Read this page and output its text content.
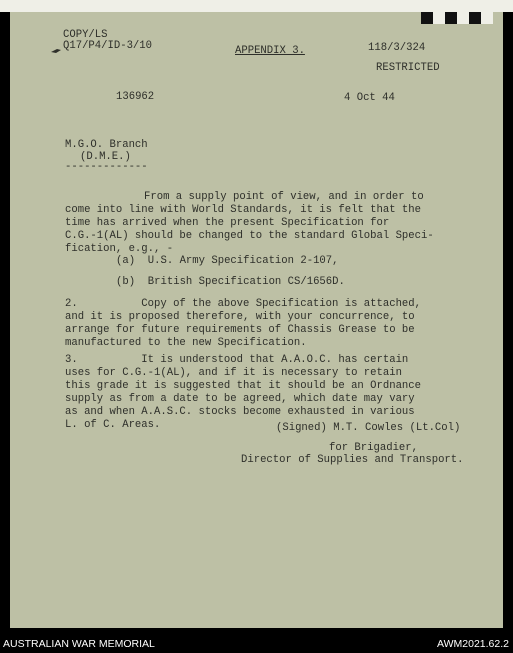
COPY/LS
Q17/P4/ID-3/10	APPENDIX 3.	118/3/324
RESTRICTED
136962	4 Oct 44
M.G.O. Branch
(D.M.E.)
-------------
From a supply point of view, and in order to
come into line with World Standards, it is felt that the
time has arrived when the present Specification for
C.G.-1(AL) should be changed to the standard Global Speci-
fication, e.g., -
(a)  U.S. Army Specification 2-107,
(b)  British Specification CS/1656D.
2.          Copy of the above Specification is attached,
and it is proposed therefore, with your concurrence, to
arrange for future requirements of Chassis Grease to be
manufactured to the new Specification.
3.          It is understood that A.A.O.C. has certain
uses for C.G.-1(AL), and if it is necessary to retain
this grade it is suggested that it should be an Ordnance
supply as from a date to be agreed, which date may vary
as and when A.A.S.C. stocks become exhausted in various
L. of C. Areas.	(Signed) M.T. Cowles (Lt.Col)
for Brigadier,
Director of Supplies and Transport.
AUSTRALIAN WAR MEMORIAL	AWM2021.62.2
